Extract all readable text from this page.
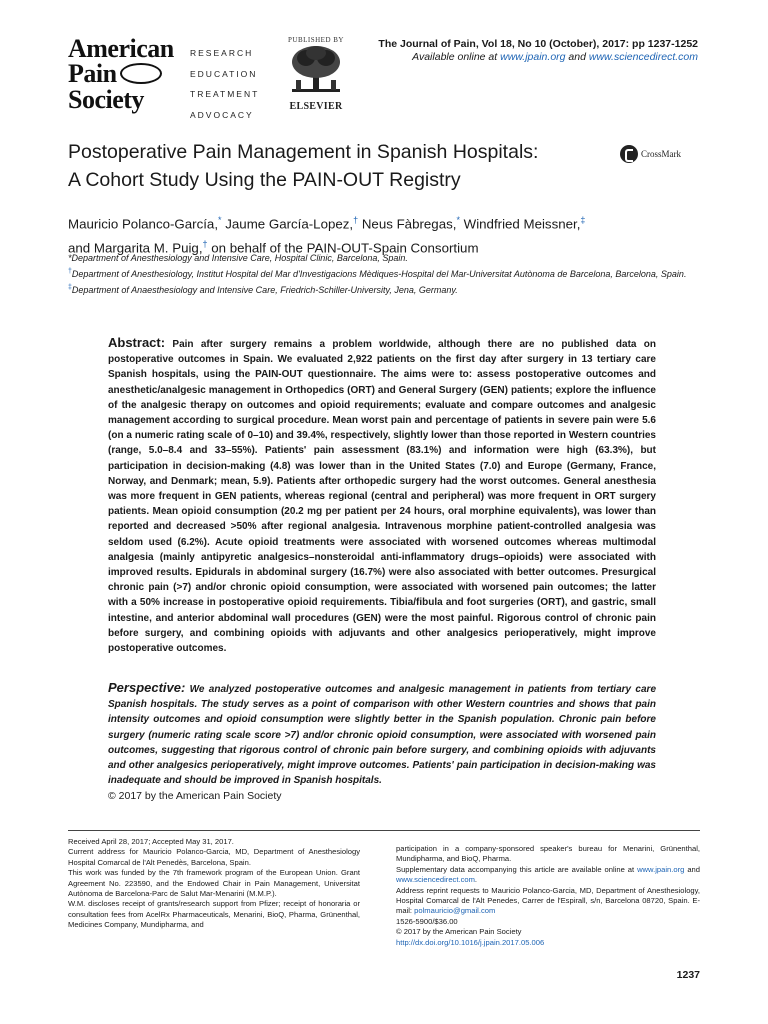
American
Pain
Society
RESEARCH
EDUCATION
TREATMENT
ADVOCACY
PUBLISHED BY
ELSEVIER
The Journal of Pain, Vol 18, No 10 (October), 2017: pp 1237-1252
Available online at www.jpain.org and www.sciencedirect.com
Postoperative Pain Management in Spanish Hospitals:
A Cohort Study Using the PAIN-OUT Registry
CrossMark
Mauricio Polanco-García,* Jaume García-Lopez,† Neus Fàbregas,* Windfried Meissner,‡
and Margarita M. Puig,† on behalf of the PAIN-OUT-Spain Consortium
*Department of Anesthesiology and Intensive Care, Hospital Clinic, Barcelona, Spain.
†Department of Anesthesiology, Institut Hospital del Mar d'Investigacions Mèdiques-Hospital del Mar-Universitat Autònoma de Barcelona, Barcelona, Spain.
‡Department of Anaesthesiology and Intensive Care, Friedrich-Schiller-University, Jena, Germany.
Abstract: Pain after surgery remains a problem worldwide, although there are no published data on postoperative outcomes in Spain. We evaluated 2,922 patients on the first day after surgery in 13 tertiary care Spanish hospitals, using the PAIN-OUT questionnaire. The aims were to: assess postoperative outcomes and anesthetic/analgesic management in Orthopedics (ORT) and General Surgery (GEN) patients; explore the influence of the analgesic therapy on outcomes and opioid requirements; evaluate and compare outcomes and analgesic management according to surgical procedure. Mean worst pain and percentage of patients in severe pain were 5.6 (on a numeric rating scale of 0–10) and 39.4%, respectively, slightly lower than those reported in Western countries (range, 5.0–8.4 and 33–55%). Patients' pain assessment (83.1%) and information were high (63.3%), but participation in decision-making (4.8) was lower than in the United States (7.0) and Europe (Germany, France, Norway, and Denmark; mean, 5.9). Patients after orthopedic surgery had the worst outcomes. General anesthesia was more frequent in GEN patients, whereas regional (central and peripheral) was more frequent in ORT surgery patients. Mean opioid consumption (20.2 mg per patient per 24 hours, oral morphine equivalents), was lower than reported and decreased >50% after regional analgesia. Intravenous morphine patient-controlled analgesia was seldom used (6.2%). Acute opioid treatments were associated with worsened outcomes whereas multimodal analgesia (mainly antipyretic analgesics–nonsteroidal anti-inflammatory drugs–opioids) were associated with improved results. Epidurals in abdominal surgery (16.7%) were also associated with better outcomes. Presurgical chronic pain (>7) and/or chronic opioid consumption, were associated with worsened pain outcomes; the latter with a 50% increase in postoperative opioid requirements. Tibia/fibula and foot surgeries (ORT), and gastric, small intestine, and anterior abdominal wall procedures (GEN) were the most painful. Rigorous control of chronic pain before surgery, and combining opioids with adjuvants and other analgesics perioperatively, might improve postoperative outcomes.
Perspective: We analyzed postoperative outcomes and analgesic management in patients from tertiary care Spanish hospitals. The study serves as a point of comparison with other Western countries and shows that pain intensity outcomes and opioid consumption were slightly better in the Spanish population. Chronic pain before surgery (numeric rating scale score >7) and/or chronic opioid consumption, were associated with worsened pain outcomes, suggesting that rigorous control of chronic pain before surgery, and combining opioids with adjuvants and other analgesics perioperatively, might improve outcomes. Patients' pain participation in decision-making was inadequate and should be improved in Spanish hospitals.
© 2017 by the American Pain Society
Received April 28, 2017; Accepted May 31, 2017.
Current address for Mauricio Polanco-Garcia, MD, Department of Anesthesiology Hospital Comarcal de l'Alt Penedès, Barcelona, Spain.
This work was funded by the 7th framework program of the European Union. Grant Agreement No. 223590, and the Endowed Chair in Pain Management, Universitat Autònoma de Barcelona-Parc de Salut Mar-Menarini (M.M.P.).
W.M. discloses receipt of grants/research support from Pfizer; receipt of honoraria or consultation fees from AcelRx Pharmaceuticals, Menarini, BioQ, Pharma, Grünenthal, Medicines Company, Mundipharma, and
participation in a company-sponsored speaker's bureau for Menarini, Grünenthal, Mundipharma, and BioQ, Pharma.
Supplementary data accompanying this article are available online at www.jpain.org and www.sciencedirect.com.
Address reprint requests to Mauricio Polanco-Garcia, MD, Department of Anesthesiology, Hospital Comarcal de l'Alt Penedes, Carrer de l'Espirall, s/n, Barcelona 08720, Spain. E-mail: polmauricio@gmail.com
1526-5900/$36.00
© 2017 by the American Pain Society
http://dx.doi.org/10.1016/j.jpain.2017.05.006
1237
